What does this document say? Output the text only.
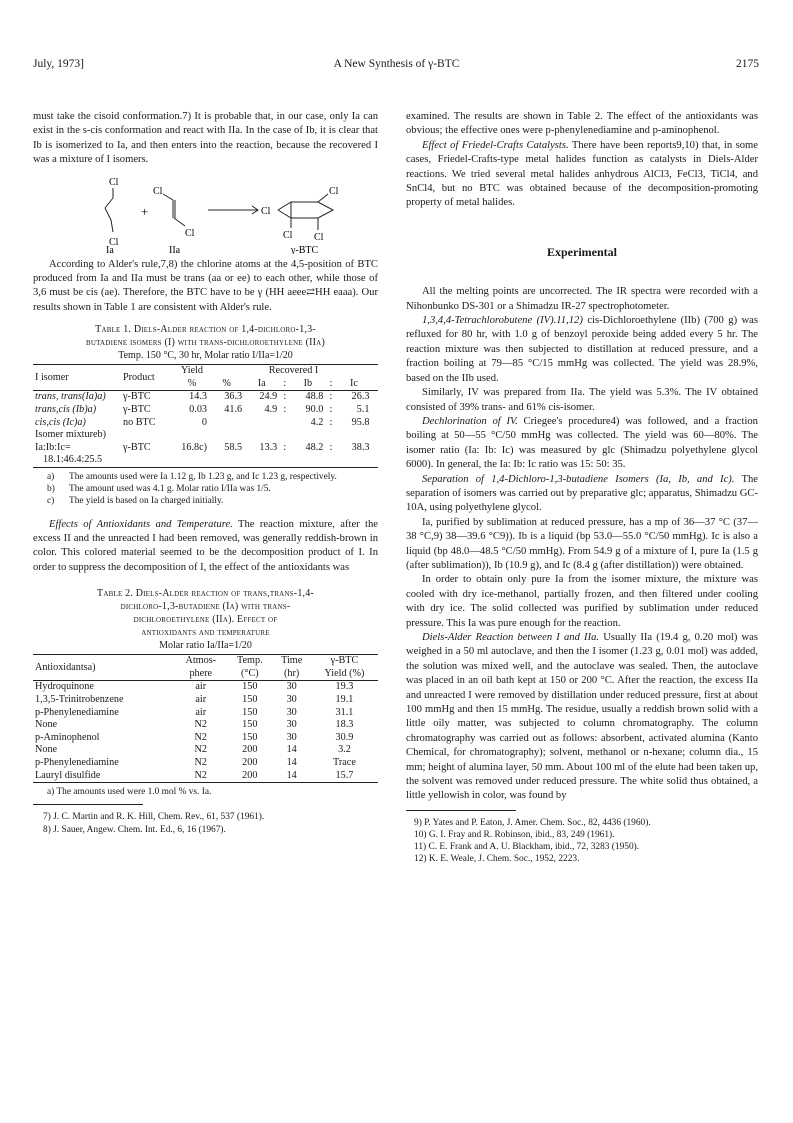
July, 1973]	A New Synthesis of γ-BTC	2175

must take the cisoid conformation.7) It is probable that, in our case, only Ia can exist in the s-cis conformation and react with IIa. In the case of Ib, it is clear that Ib is isomerized to Ia, and then enters into the reaction, because the recovered I was a mixture of I isomers.

Cl
Cl
+
Cl
Cl
Cl
Cl
Cl Cl
Ia	IIa	γ-BTC

According to Alder's rule,7,8) the chlorine atoms at the 4,5-position of BTC produced from Ia and IIa must be trans (aa or ee) to each other, while those of 3,6 must be cis (ae). Therefore, the BTC have to be γ (HH aeee⇄HH eaaa). Our results shown in Table 1 are consistent with Alder's rule.

Table 1. Diels-Alder reaction of 1,4-dichloro-1,3-
butadiene isomers (I) with trans-dichloroethylene (IIa)
Temp. 150 °C, 30 hr, Molar ratio I/IIa=1/20
I isomer	Product	Yield	Recovered I						
		%	%	Ia	:	Ib	:	Ic	
trans, trans(Ia)a)	γ-BTC	14.3	36.3	24.9	:	48.8	:	26.3	
trans,cis (Ib)a)	γ-BTC	0.03	41.6	4.9	:	90.0	:	5.1	
cis,cis (Ic)a)	no BTC	0				4.2	:	95.8	
Isomer mixtureb)									
Ia:Ib:Ic=	γ-BTC	16.8c)	58.5	13.3	:	48.2	:	38.3	
18.1:46.4:25.5									
a)	The amounts used were Ia 1.12 g, Ib 1.23 g, and Ic 1.23 g, respectively.
b)	The amount used was 4.1 g. Molar ratio I/IIa was 1/5.
c)	The yield is based on Ia charged initially.

Effects of Antioxidants and Temperature. The reaction mixture, after the excess II and the unreacted I had been removed, was generally reddish-brown in color. This colored material seemed to be the decomposition product of I. In order to suppress the decomposition of I, the effect of the antioxidants was

Table 2. Diels-Alder reaction of trans,trans-1,4-
dichloro-1,3-butadiene (Ia) with trans-
dichloroethylene (IIa). Effect of
antioxidants and temperature
Molar ratio Ia/IIa=1/20
Antioxidantsa)	Atmos-	Temp.	Time	γ-BTC
	phere	(°C)	(hr)	Yield (%)
Hydroquinone	air	150	30	19.3
1,3,5-Trinitrobenzene	air	150	30	19.1
p-Phenylenediamine	air	150	30	31.1
None	N2	150	30	18.3
p-Aminophenol	N2	150	30	30.9
None	N2	200	14	3.2
p-Phenylenediamine	N2	200	14	Trace
Lauryl disulfide	N2	200	14	15.7
a) The amounts used were 1.0 mol % vs. Ia.
7) J. C. Martin and R. K. Hill, Chem. Rev., 61, 537 (1961).
8) J. Sauer, Angew. Chem. Int. Ed., 6, 16 (1967).

examined. The results are shown in Table 2. The effect of the antioxidants was obvious; the effective ones were p-phenylenediamine and p-aminophenol.

Effect of Friedel-Crafts Catalysts. There have been reports9,10) that, in some cases, Friedel-Crafts-type metal halides function as catalysts in Diels-Alder reactions. We tried several metal halides anhydrous AlCl3, FeCl3, TiCl4, and SnCl4, but no BTC was obtained because of the decomposition-promoting property of metal halides.

Experimental

All the melting points are uncorrected. The IR spectra were recorded with a Nihonbunko DS-301 or a Shimadzu IR-27 spectrophotometer.

1,3,4,4-Tetrachlorobutene (IV).11,12) cis-Dichloroethylene (IIb) (700 g) was refluxed for 80 hr, with 1.0 g of benzoyl peroxide being added every 5 hr. The reaction mixture was then subjected to distillation at reduced pressure, and a fraction boiling at 79—85 °C/15 mmHg was collected. The yield was 28.9%, based on the IIb used.

Similarly, IV was prepared from IIa. The yield was 5.3%. The IV obtained consisted of 39% trans- and 61% cis-isomer.

Dechlorination of IV. Criegee's procedure4) was followed, and a fraction boiling at 50—55 °C/50 mmHg was collected. The yield was 60—80%. The isomer ratio (Ia: Ib: Ic) was measured by glc (Shimadzu polyethylene glycol 6000). In general, the Ia: Ib: Ic ratio was 15: 50: 35.

Separation of 1,4-Dichloro-1,3-butadiene Isomers (Ia, Ib, and Ic). The separation of isomers was carried out by preparative glc; apparatus, Shimadzu GC-10A, using polyethylene glycol.

Ia, purified by sublimation at reduced pressure, has a mp of 36—37 °C (37—38 °C,9) 38—39.6 °C9)). Ib is a liquid (bp 53.0—55.0 °C/50 mmHg). Ic is also a liquid (bp 48.0—48.5 °C/50 mmHg). From 54.9 g of a mixture of I, pure Ia (1.5 g (after sublimation)), Ib (10.9 g), and Ic (8.4 g (after distillation)) were obtained.

In order to obtain only pure Ia from the isomer mixture, the mixture was cooled with dry ice-methanol, partially frozen, and then filtered under cooling with dry ice. The solid collected was purified by sublimation under reduced pressure. This Ia was pure enough for the reaction.

Diels-Alder Reaction between I and IIa. Usually IIa (19.4 g, 0.20 mol) was weighed in a 50 ml autoclave, and then the I isomer (1.23 g, 0.01 mol) was added, the solution was mixed well, and the autoclave was sealed. Then, the autoclave was placed in an oil bath kept at 150 or 200 °C. After the reaction, the excess IIa and unreacted I were removed by distillation under reduced pressure, first at about 100 mmHg and then 15 mmHg. The residue, usually a reddish brown solid with a little oily matter, was subjected to column chromatography. The column chromatography was carried out as follows: absorbent, activated alumina (Kanto Chemical, for chromatography); solvent, methanol or n-hexane; column dia., 15 mm; height of alumina layer, 50 mm. About 100 ml of the elute had been taken up, the solvent was removed under reduced pressure. The white solid thus obtained, a little yellowish in color, was found by

9) P. Yates and P. Eaton, J. Amer. Chem. Soc., 82, 4436 (1960).
10) G. I. Fray and R. Robinson, ibid., 83, 249 (1961).
11) C. E. Frank and A. U. Blackham, ibid., 72, 3283 (1950).
12) K. E. Weale, J. Chem. Soc., 1952, 2223.
